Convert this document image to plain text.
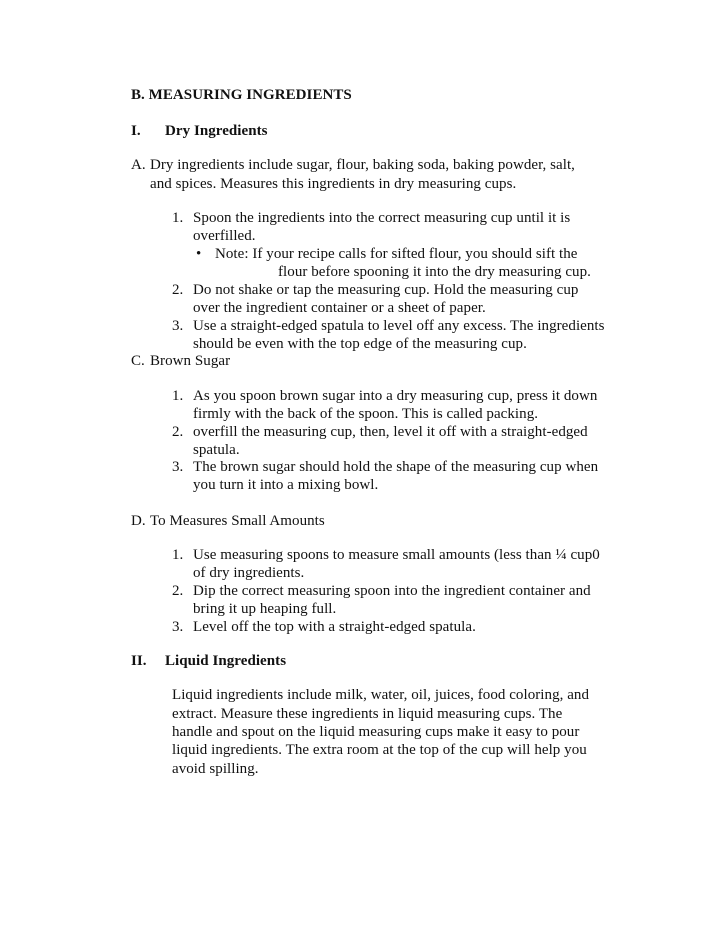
B. MEASURING INGREDIENTS
I. Dry Ingredients
A. Dry ingredients include sugar, flour, baking soda, baking powder, salt,
and spices. Measures this ingredients in dry measuring cups.
1. Spoon the ingredients into the correct measuring cup until it is
overfilled.
• Note: If your recipe calls for sifted flour, you should sift the
flour before spooning it into the dry measuring cup.
2. Do not shake or tap the measuring cup. Hold the measuring cup
over the ingredient container or a sheet of paper.
3. Use a straight-edged spatula to level off any excess. The ingredients
should be even with the top edge of the measuring cup.
C. Brown Sugar
1. As you spoon brown sugar into a dry measuring cup, press it down
firmly with the back of the spoon. This is called packing.
2. overfill the measuring cup, then, level it off with a straight-edged
spatula.
3. The brown sugar should hold the shape of the measuring cup when
you turn it into a mixing bowl.
D. To Measures Small Amounts
1. Use measuring spoons to measure small amounts (less than ¼ cup0
of dry ingredients.
2. Dip the correct measuring spoon into the ingredient container and
bring it up heaping full.
3. Level off the top with a straight-edged spatula.
II. Liquid Ingredients
Liquid ingredients include milk, water, oil, juices, food coloring, and
extract. Measure these ingredients in liquid measuring cups. The
handle and spout on the liquid measuring cups make it easy to pour
liquid ingredients. The extra room at the top of the cup will help you
avoid spilling.
